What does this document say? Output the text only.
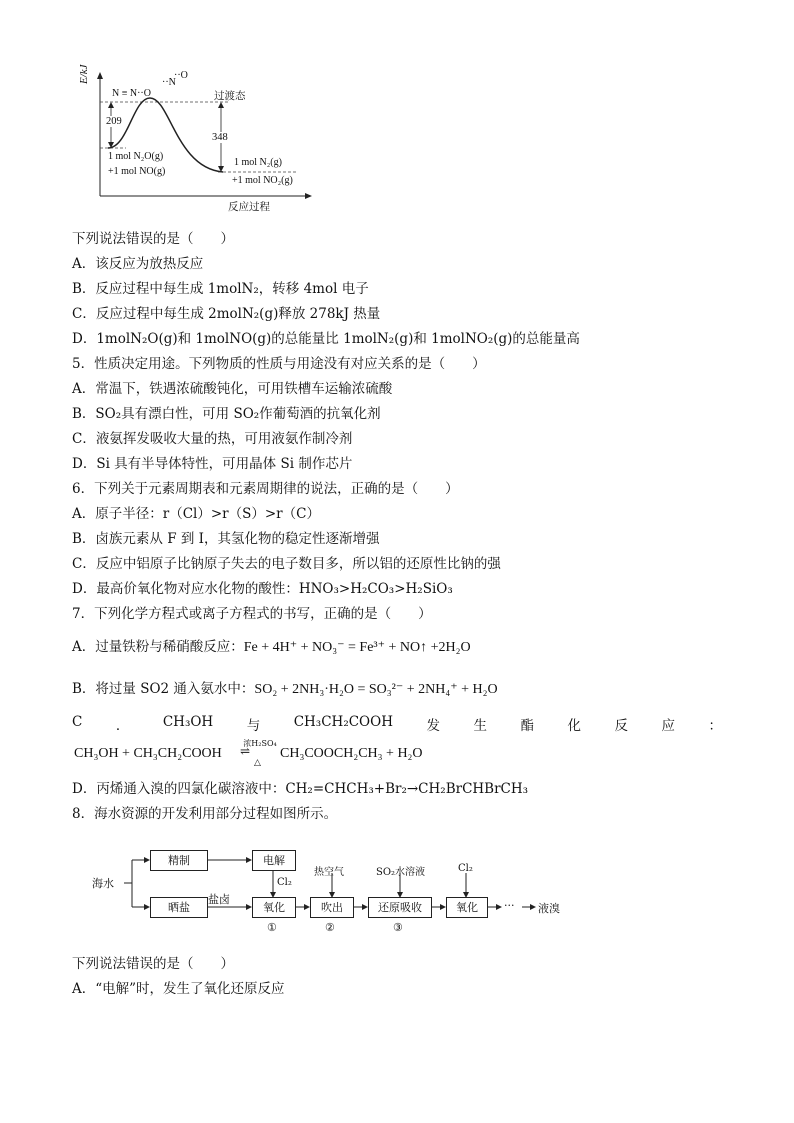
E/kJ
N ≡ N··O
··N
··O
过渡态
209
348
1 mol N₂O(g)
+1 mol NO(g)
1 mol N₂(g)
+1 mol NO₂(g)
反应过程
下列说法错误的是（　　）
A．该反应为放热反应
B．反应过程中每生成 1molN₂，转移 4mol 电子
C．反应过程中每生成 2molN₂(g)释放 278kJ 热量
D．1molN₂O(g)和 1molNO(g)的总能量比 1molN₂(g)和 1molNO₂(g)的总能量高
5．性质决定用途。下列物质的性质与用途没有对应关系的是（　　）
A．常温下，铁遇浓硫酸钝化，可用铁槽车运输浓硫酸
B．SO₂具有漂白性，可用 SO₂作葡萄酒的抗氧化剂
C．液氨挥发吸收大量的热，可用液氨作制冷剂
D．Si 具有半导体特性，可用晶体 Si 制作芯片
6．下列关于元素周期表和元素周期律的说法，正确的是（　　）
A．原子半径：r（Cl）>r（S）>r（C）
B．卤族元素从 F 到 I，其氢化物的稳定性逐渐增强
C．反应中铝原子比钠原子失去的电子数目多，所以铝的还原性比钠的强
D．最高价氧化物对应水化物的酸性：HNO₃>H₂CO₃>H₂SiO₃
7．下列化学方程式或离子方程式的书写，正确的是（　　）
A．过量铁粉与稀硝酸反应：Fe + 4H⁺ + NO₃⁻ = Fe³⁺ + NO↑ +2H₂O
B．将过量 SO2 通入氨水中：SO₂ + 2NH₃·H₂O = SO₃²⁻ + 2NH₄⁺ + H₂O
C ． CH₃OH 与 CH₃CH₂COOH 发 生 酯 化 反 应 ：
CH₃OH + CH₃CH₂COOH
浓H₂SO₄
⇌
△
CH₃COOCH₂CH₃ + H₂O
D．丙烯通入溴的四氯化碳溶液中：CH₂=CHCH₃+Br₂→CH₂BrCHBrCH₃
8．海水资源的开发利用部分过程如图所示。
海水
精制	电解
Cl₂
晒盐
盐卤
氧化
热空气
吹出
SO₂水溶液
还原吸收
Cl₂
氧化	··· 液溴
①	②	③
下列说法错误的是（　　）
A．“电解”时，发生了氧化还原反应
